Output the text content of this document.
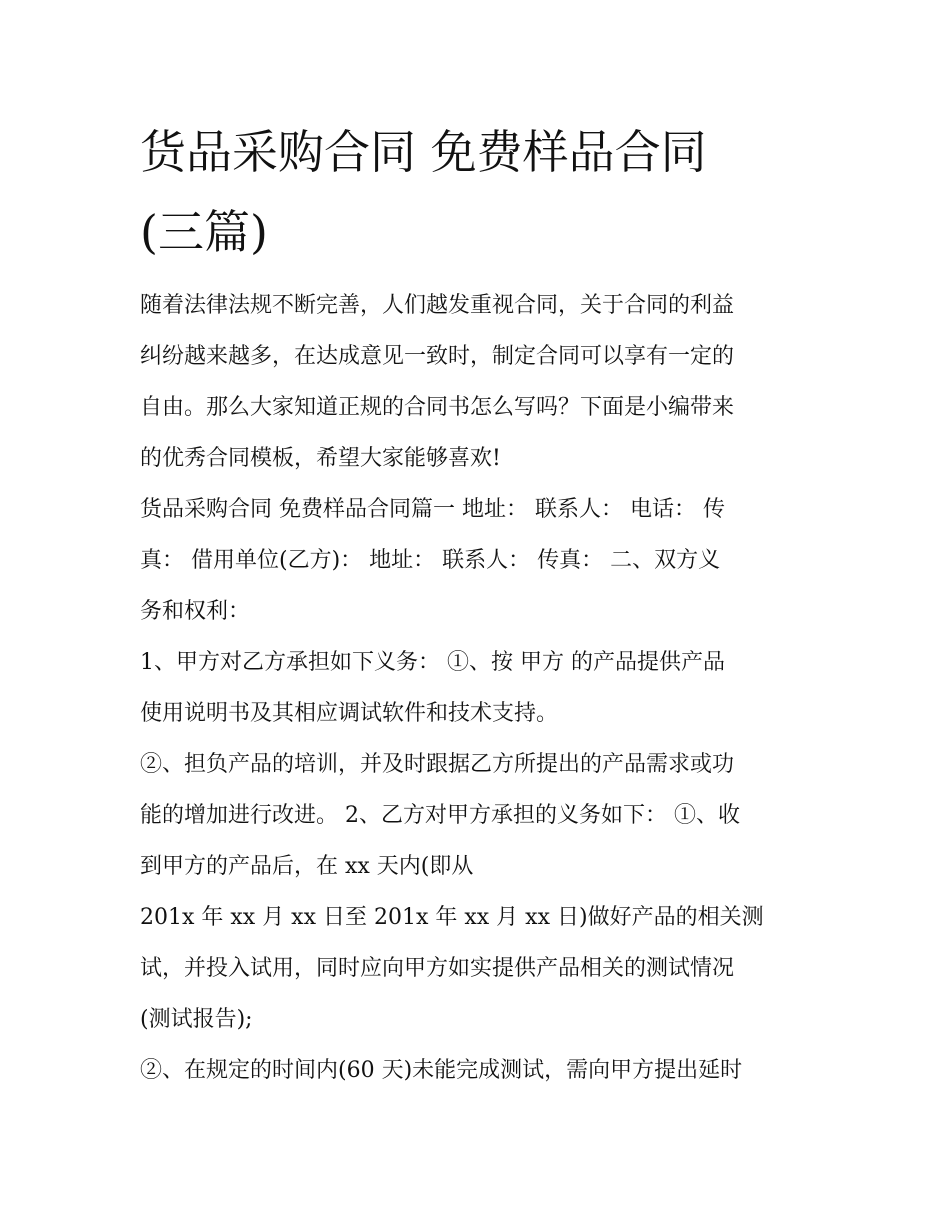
货品采购合同 免费样品合同
(三篇)
随着法律法规不断完善，人们越发重视合同，关于合同的利益
纠纷越来越多，在达成意见一致时，制定合同可以享有一定的
自由。那么大家知道正规的合同书怎么写吗？下面是小编带来
的优秀合同模板，希望大家能够喜欢!
货品采购合同 免费样品合同篇一 地址： 联系人： 电话： 传
真： 借用单位(乙方)： 地址： 联系人： 传真： 二、双方义
务和权利：
1、甲方对乙方承担如下义务： ①、按 甲方 的产品提供产品
使用说明书及其相应调试软件和技术支持。
②、担负产品的培训，并及时跟据乙方所提出的产品需求或功
能的增加进行改进。 2、乙方对甲方承担的义务如下： ①、收
到甲方的产品后，在 xx 天内(即从
201x 年 xx 月 xx 日至 201x 年 xx 月 xx 日)做好产品的相关测
试，并投入试用，同时应向甲方如实提供产品相关的测试情况
(测试报告);
②、在规定的时间内(60 天)未能完成测试，需向甲方提出延时
